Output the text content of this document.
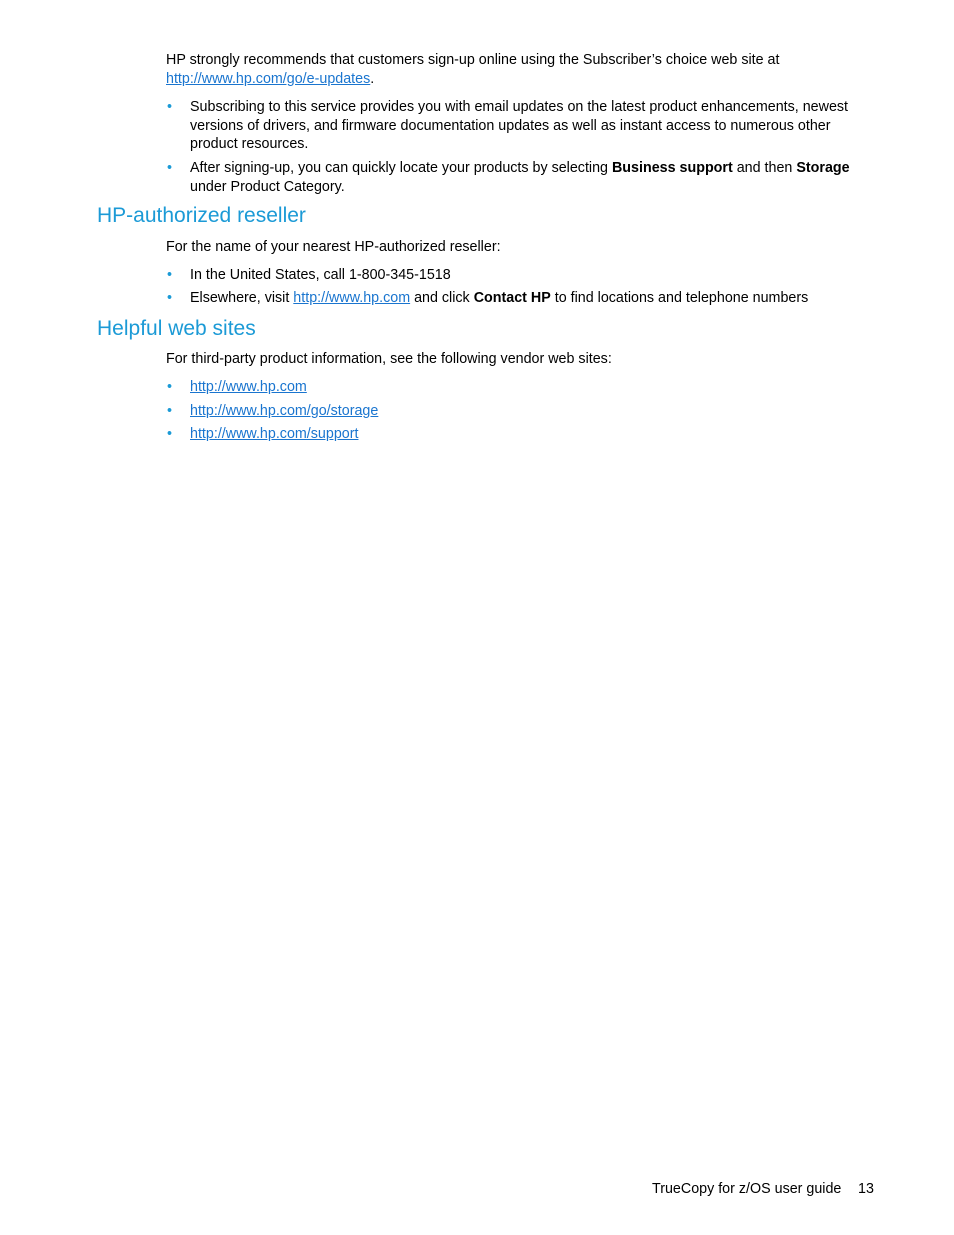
HP strongly recommends that customers sign-up online using the Subscriber’s choice web site at
http://www.hp.com/go/e-updates.
•
Subscribing to this service provides you with email updates on the latest product enhancements, newest versions of drivers, and firmware documentation updates as well as instant access to numerous other product resources.
•
After signing-up, you can quickly locate your products by selecting Business support and then Storage
under Product Category.
HP-authorized reseller
For the name of your nearest HP-authorized reseller:
•
In the United States, call 1-800-345-1518
•
Elsewhere, visit http://www.hp.com and click Contact HP to find locations and telephone numbers
Helpful web sites
For third-party product information, see the following vendor web sites:
•
http://www.hp.com
•
http://www.hp.com/go/storage
•
http://www.hp.com/support
TrueCopy for z/OS user guide 13
